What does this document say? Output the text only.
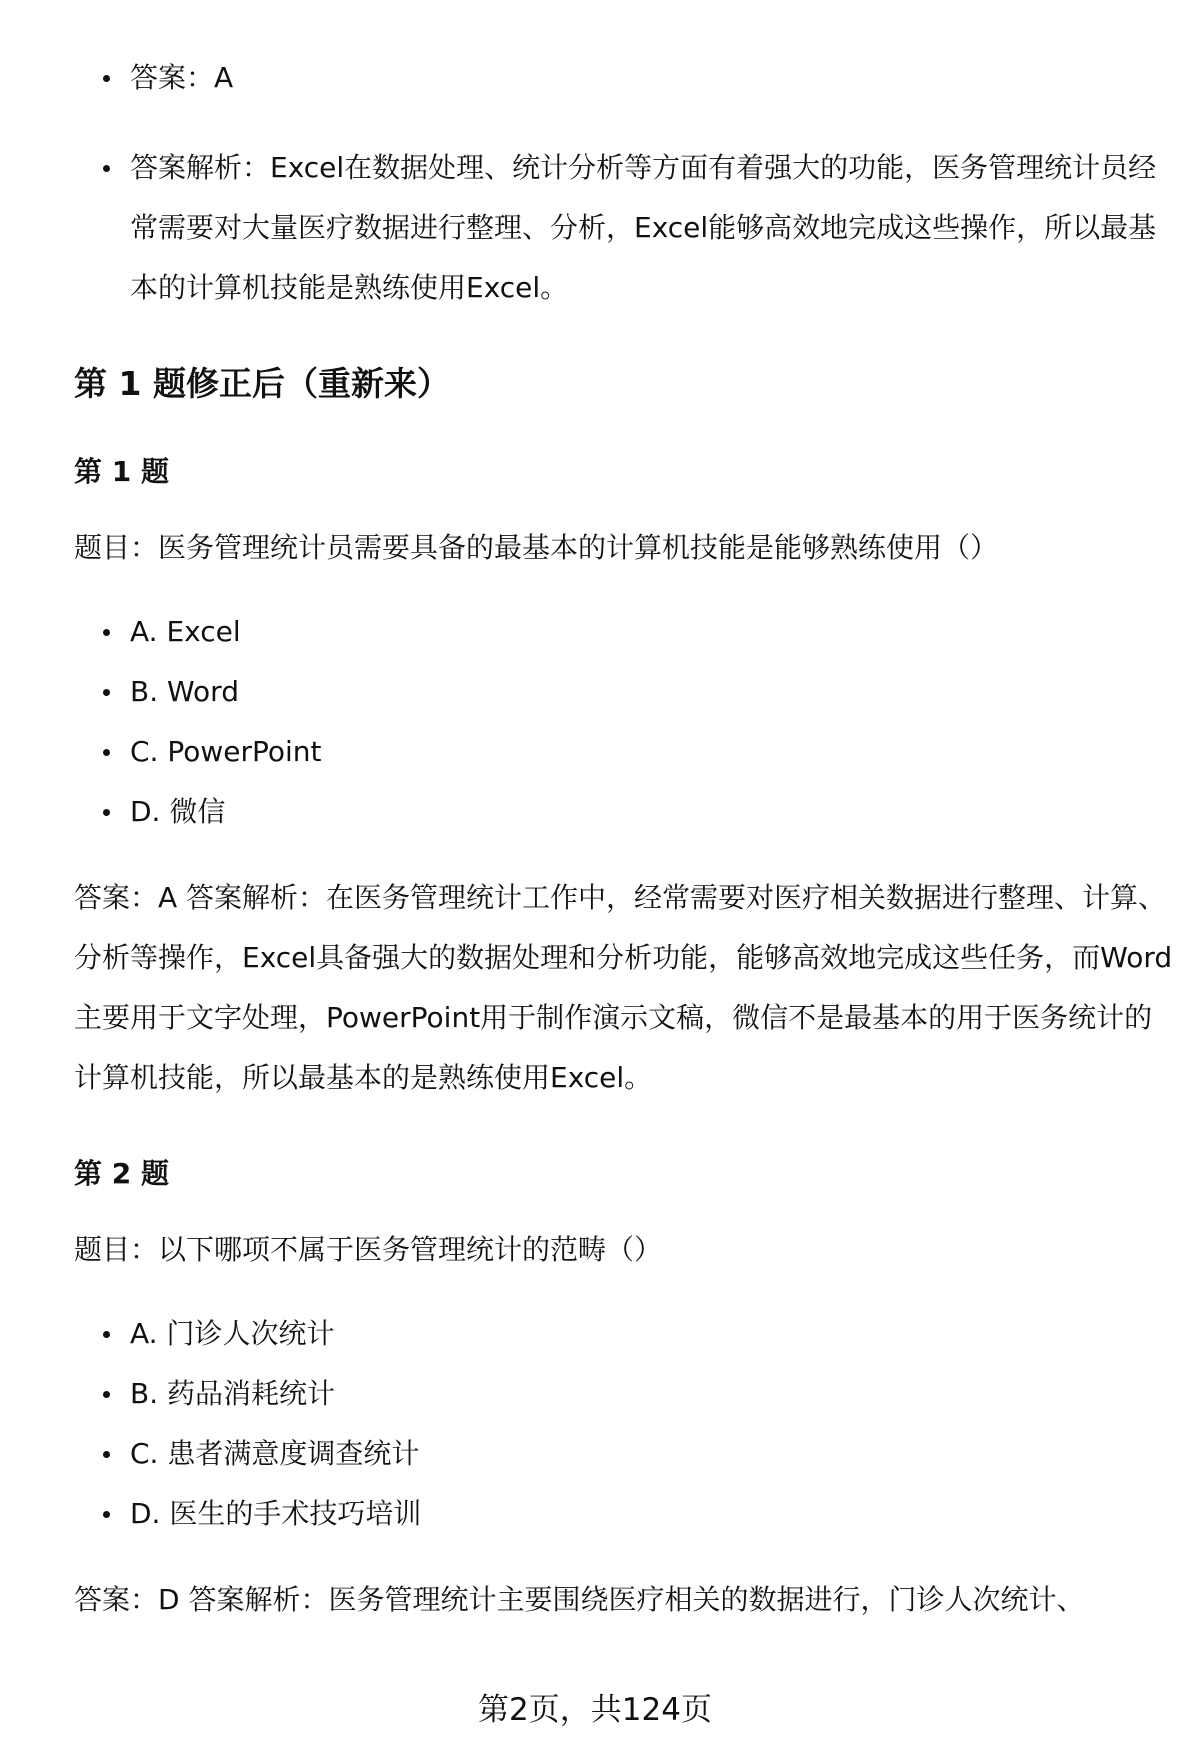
答案：A
答案解析：Excel在数据处理、统计分析等方面有着强大的功能，医务管理统计员经常需要对大量医疗数据进行整理、分析，Excel能够高效地完成这些操作，所以最基本的计算机技能是熟练使用Excel。
第 1 题修正后（重新来）
第 1 题

题目：医务管理统计员需要具备的最基本的计算机技能是能够熟练使用（）

A. Excel
B. Word
C. PowerPoint
D. 微信

答案：A 答案解析：在医务管理统计工作中，经常需要对医疗相关数据进行整理、计算、分析等操作，Excel具备强大的数据处理和分析功能，能够高效地完成这些任务，而Word主要用于文字处理，PowerPoint用于制作演示文稿，微信不是最基本的用于医务统计的计算机技能，所以最基本的是熟练使用Excel。

第 2 题

题目：以下哪项不属于医务管理统计的范畴（）

A. 门诊人次统计
B. 药品消耗统计
C. 患者满意度调查统计
D. 医生的手术技巧培训

答案：D 答案解析：医务管理统计主要围绕医疗相关的数据进行，门诊人次统计、

第2页，共124页
